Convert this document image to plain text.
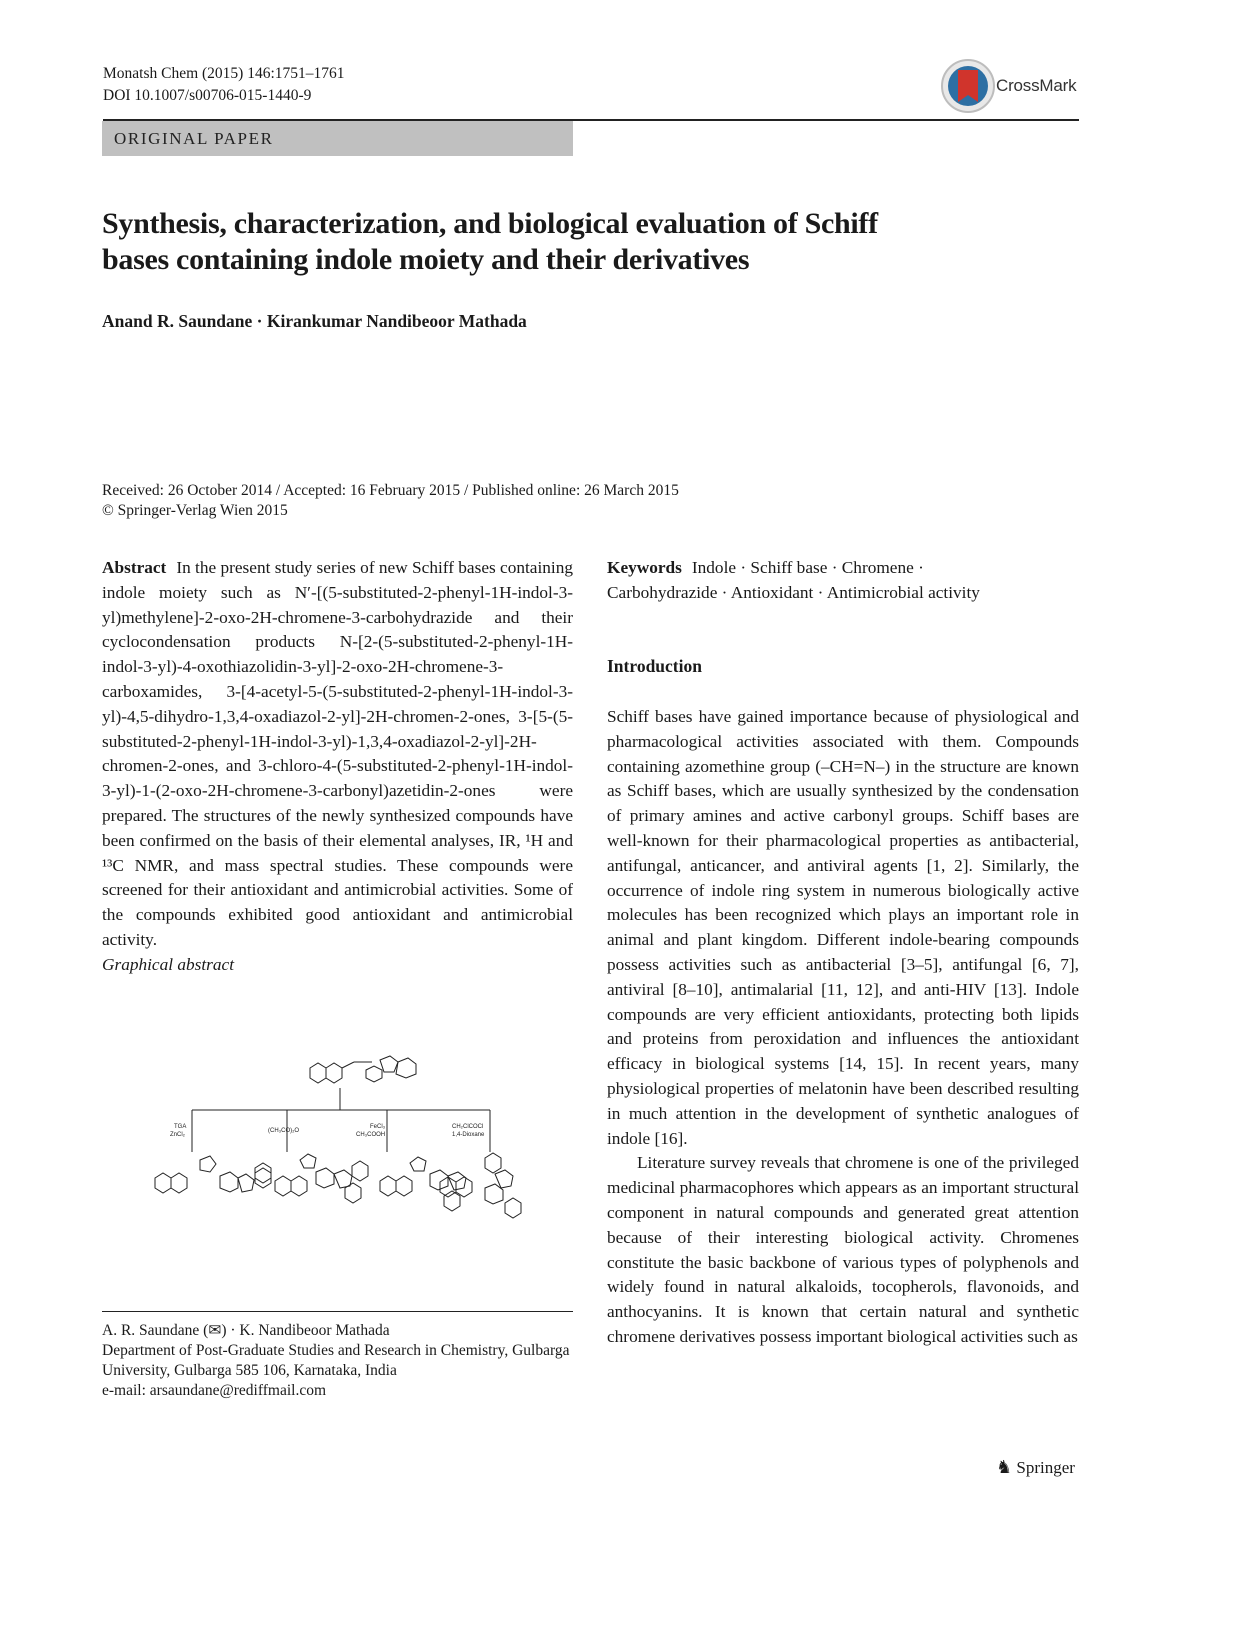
Monatsh Chem (2015) 146:1751–1761
DOI 10.1007/s00706-015-1440-9
CrossMark
ORIGINAL PAPER
Synthesis, characterization, and biological evaluation of Schiff
bases containing indole moiety and their derivatives
Anand R. Saundane · Kirankumar Nandibeoor Mathada
Received: 26 October 2014 / Accepted: 16 February 2015 / Published online: 26 March 2015
© Springer-Verlag Wien 2015

Abstract In the present study series of new Schiff bases containing indole moiety such as N′-[(5-substituted-2-phenyl-1H-indol-3-yl)methylene]-2-oxo-2H-chromene-3-carbohydrazide and their cyclocondensation products N-[2-(5-substituted-2-phenyl-1H-indol-3-yl)-4-oxothiazolidin-3-yl]-2-oxo-2H-chromene-3-carboxamides, 3-[4-acetyl-5-(5-substituted-2-phenyl-1H-indol-3-yl)-4,5-dihydro-1,3,4-oxadiazol-2-yl]-2H-chromen-2-ones, 3-[5-(5-substituted-2-phenyl-1H-indol-3-yl)-1,3,4-oxadiazol-2-yl]-2H-chromen-2-ones, and 3-chloro-4-(5-substituted-2-phenyl-1H-indol-3-yl)-1-(2-oxo-2H-chromene-3-carbonyl)azetidin-2-ones were prepared. The structures of the newly synthesized compounds have been confirmed on the basis of their elemental analyses, IR, ¹H and ¹³C NMR, and mass spectral studies. These compounds were screened for their antioxidant and antimicrobial activities. Some of the compounds exhibited good antioxidant and antimicrobial activity.

Graphical abstract

TGA
ZnCl₂
(CH₃CO)₂O
FeCl₃
CH₃COOH
CH₂ClCOCl
1,4-Dioxane
A. R. Saundane (✉) · K. Nandibeoor Mathada
Department of Post-Graduate Studies and Research in Chemistry, Gulbarga University, Gulbarga 585 106, Karnataka, India
e-mail: arsaundane@rediffmail.com
Keywords Indole · Schiff base · Chromene ·
Carbohydrazide · Antioxidant · Antimicrobial activity
Introduction

Schiff bases have gained importance because of physiological and pharmacological activities associated with them. Compounds containing azomethine group (–CH=N–) in the structure are known as Schiff bases, which are usually synthesized by the condensation of primary amines and active carbonyl groups. Schiff bases are well-known for their pharmacological properties as antibacterial, antifungal, anticancer, and antiviral agents [1, 2]. Similarly, the occurrence of indole ring system in numerous biologically active molecules has been recognized which plays an important role in animal and plant kingdom. Different indole-bearing compounds possess activities such as antibacterial [3–5], antifungal [6, 7], antiviral [8–10], antimalarial [11, 12], and anti-HIV [13]. Indole compounds are very efficient antioxidants, protecting both lipids and proteins from peroxidation and influences the antioxidant efficacy in biological systems [14, 15]. In recent years, many physiological properties of melatonin have been described resulting in much attention in the development of synthetic analogues of indole [16].

Literature survey reveals that chromene is one of the privileged medicinal pharmacophores which appears as an important structural component in natural compounds and generated great attention because of their interesting biological activity. Chromenes constitute the basic backbone of various types of polyphenols and widely found in natural alkaloids, tocopherols, flavonoids, and anthocyanins. It is known that certain natural and synthetic chromene derivatives possess important biological activities such as

♞ Springer
